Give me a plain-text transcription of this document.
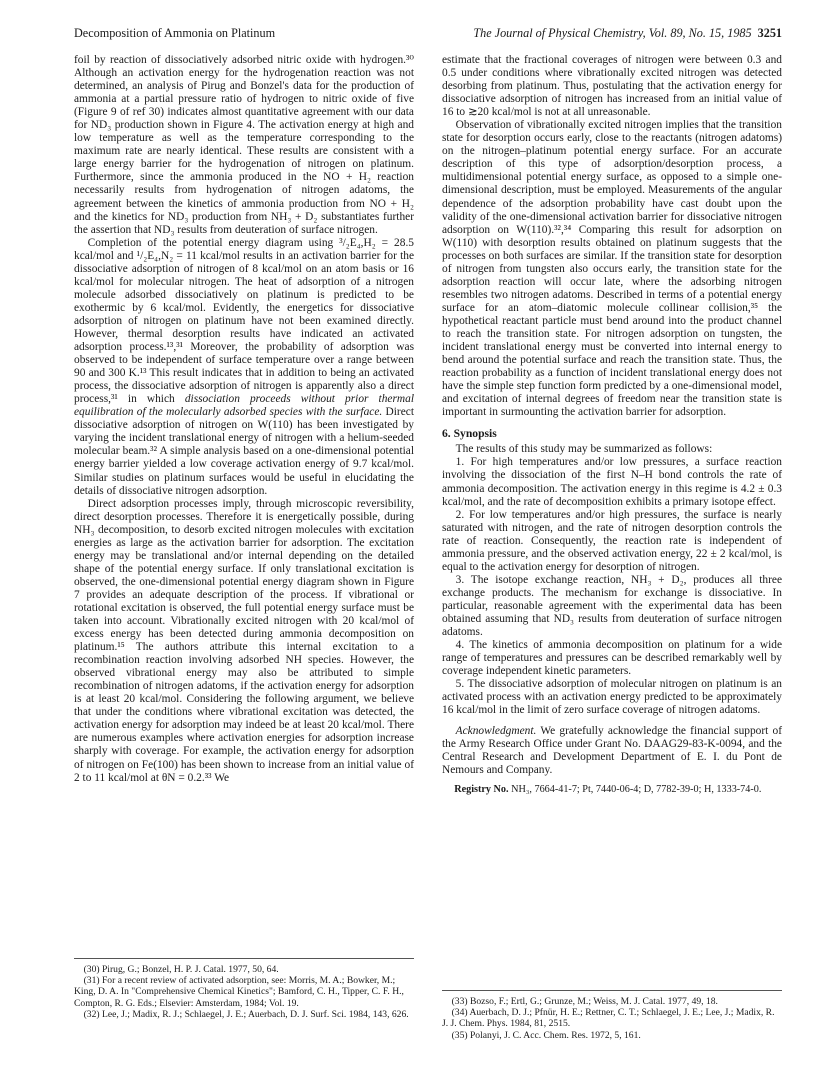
Decomposition of Ammonia on Platinum	The Journal of Physical Chemistry, Vol. 89, No. 15, 1985 3251

foil by reaction of dissociatively adsorbed nitric oxide with hydrogen.³⁰ Although an activation energy for the hydrogenation reaction was not determined, an analysis of Pirug and Bonzel's data for the production of ammonia at a partial pressure ratio of hydrogen to nitric oxide of five (Figure 9 of ref 30) indicates almost quantitative agreement with our data for ND₃ production shown in Figure 4. The activation energy at high and low temperature as well as the temperature corresponding to the maximum rate are nearly identical. These results are consistent with a large energy barrier for the hydrogenation of nitrogen on platinum. Furthermore, since the ammonia produced in the NO + H₂ reaction necessarily results from hydrogenation of nitrogen adatoms, the agreement between the kinetics of ammonia production from NO + H₂ and the kinetics for ND₃ production from NH₃ + D₂ substantiates further the assertion that ND₃ results from deuteration of surface nitrogen.

Completion of the potential energy diagram using ³/₂E₄,H₂ = 28.5 kcal/mol and ¹/₂E₄,N₂ = 11 kcal/mol results in an activation barrier for the dissociative adsorption of nitrogen of 8 kcal/mol on an atom basis or 16 kcal/mol for molecular nitrogen. The heat of adsorption of a nitrogen molecule adsorbed dissociatively on platinum is predicted to be exothermic by 6 kcal/mol. Evidently, the energetics for dissociative adsorption of nitrogen on platinum have not been examined directly. However, thermal desorption results have indicated an activated adsorption process.¹³,³¹ Moreover, the probability of adsorption was observed to be independent of surface temperature over a range between 90 and 300 K.¹³ This result indicates that in addition to being an activated process, the dissociative adsorption of nitrogen is apparently also a direct process,³¹ in which dissociation proceeds without prior thermal equilibration of the molecularly adsorbed species with the surface. Direct dissociative adsorption of nitrogen on W(110) has been investigated by varying the incident translational energy of nitrogen with a helium-seeded molecular beam.³² A simple analysis based on a one-dimensional potential energy barrier yielded a low coverage activation energy of 9.7 kcal/mol. Similar studies on platinum surfaces would be useful in elucidating the details of dissociative nitrogen adsorption.

Direct adsorption processes imply, through microscopic reversibility, direct desorption processes. Therefore it is energetically possible, during NH₃ decomposition, to desorb excited nitrogen molecules with excitation energies as large as the activation barrier for adsorption. The excitation energy may be translational and/or internal depending on the detailed shape of the potential energy surface. If only translational excitation is observed, the one-dimensional potential energy diagram shown in Figure 7 provides an adequate description of the process. If vibrational or rotational excitation is observed, the full potential energy surface must be taken into account. Vibrationally excited nitrogen with 20 kcal/mol of excess energy has been detected during ammonia decomposition on platinum.¹⁵ The authors attribute this internal excitation to a recombination reaction involving adsorbed NH species. However, the observed vibrational energy may also be attributed to simple recombination of nitrogen adatoms, if the activation energy for adsorption is at least 20 kcal/mol. Considering the following argument, we believe that under the conditions where vibrational excitation was detected, the activation energy for adsorption may indeed be at least 20 kcal/mol. There are numerous examples where activation energies for adsorption increase sharply with coverage. For example, the activation energy for adsorption of nitrogen on Fe(100) has been shown to increase from an initial value of 2 to 11 kcal/mol at θN = 0.2.³³ We

estimate that the fractional coverages of nitrogen were between 0.3 and 0.5 under conditions where vibrationally excited nitrogen was detected desorbing from platinum. Thus, postulating that the activation energy for dissociative adsorption of nitrogen has increased from an initial value of 16 to ≳20 kcal/mol is not at all unreasonable.

Observation of vibrationally excited nitrogen implies that the transition state for desorption occurs early, close to the reactants (nitrogen adatoms) on the nitrogen–platinum potential energy surface. For an accurate description of this type of adsorption/desorption process, a multidimensional potential energy surface, as opposed to a simple one-dimensional description, must be employed. Measurements of the angular dependence of the adsorption probability have cast doubt upon the validity of the one-dimensional activation barrier for dissociative nitrogen adsorption on W(110).³²,³⁴ Comparing this result for adsorption on W(110) with desorption results obtained on platinum suggests that the processes on both surfaces are similar. If the transition state for desorption of nitrogen from tungsten also occurs early, the transition state for the adsorption reaction will occur late, where the adsorbing nitrogen resembles two nitrogen adatoms. Described in terms of a potential energy surface for an atom–diatomic molecule collinear collision,³⁵ the hypothetical reactant particle must bend around into the product channel to reach the transition state. For nitrogen adsorption on tungsten, the incident translational energy must be converted into internal energy to bend around the potential surface and reach the transition state. Thus, the reaction probability as a function of incident translational energy does not have the simple step function form predicted by a one-dimensional model, and excitation of internal degrees of freedom near the transition state is important in surmounting the activation barrier for adsorption.

6. Synopsis

The results of this study may be summarized as follows:

1. For high temperatures and/or low pressures, a surface reaction involving the dissociation of the first N–H bond controls the rate of ammonia decomposition. The activation energy in this regime is 4.2 ± 0.3 kcal/mol, and the rate of decomposition exhibits a primary isotope effect.

2. For low temperatures and/or high pressures, the surface is nearly saturated with nitrogen, and the rate of nitrogen desorption controls the rate of reaction. Consequently, the reaction rate is independent of ammonia pressure, and the observed activation energy, 22 ± 2 kcal/mol, is equal to the activation energy for desorption of nitrogen.

3. The isotope exchange reaction, NH₃ + D₂, produces all three exchange products. The mechanism for exchange is dissociative. In particular, reasonable agreement with the experimental data has been obtained assuming that ND₃ results from deuteration of surface nitrogen adatoms.

4. The kinetics of ammonia decomposition on platinum for a wide range of temperatures and pressures can be described remarkably well by coverage independent kinetic parameters.

5. The dissociative adsorption of molecular nitrogen on platinum is an activated process with an activation energy predicted to be approximately 16 kcal/mol in the limit of zero surface coverage of nitrogen adatoms.

Acknowledgment. We gratefully acknowledge the financial support of the Army Research Office under Grant No. DAAG29-83-K-0094, and the Central Research and Development Department of E. I. du Pont de Nemours and Company.

Registry No. NH₃, 7664-41-7; Pt, 7440-06-4; D, 7782-39-0; H, 1333-74-0.
(30) Pirug, G.; Bonzel, H. P. J. Catal. 1977, 50, 64.
(31) For a recent review of activated adsorption, see: Morris, M. A.; Bowker, M.; King, D. A. In "Comprehensive Chemical Kinetics"; Bamford, C. H., Tipper, C. F. H., Compton, R. G. Eds.; Elsevier: Amsterdam, 1984; Vol. 19.
(32) Lee, J.; Madix, R. J.; Schlaegel, J. E.; Auerbach, D. J. Surf. Sci. 1984, 143, 626.
(33) Bozso, F.; Ertl, G.; Grunze, M.; Weiss, M. J. Catal. 1977, 49, 18.
(34) Auerbach, D. J.; Pfnür, H. E.; Rettner, C. T.; Schlaegel, J. E.; Lee, J.; Madix, R. J. J. Chem. Phys. 1984, 81, 2515.
(35) Polanyi, J. C. Acc. Chem. Res. 1972, 5, 161.
